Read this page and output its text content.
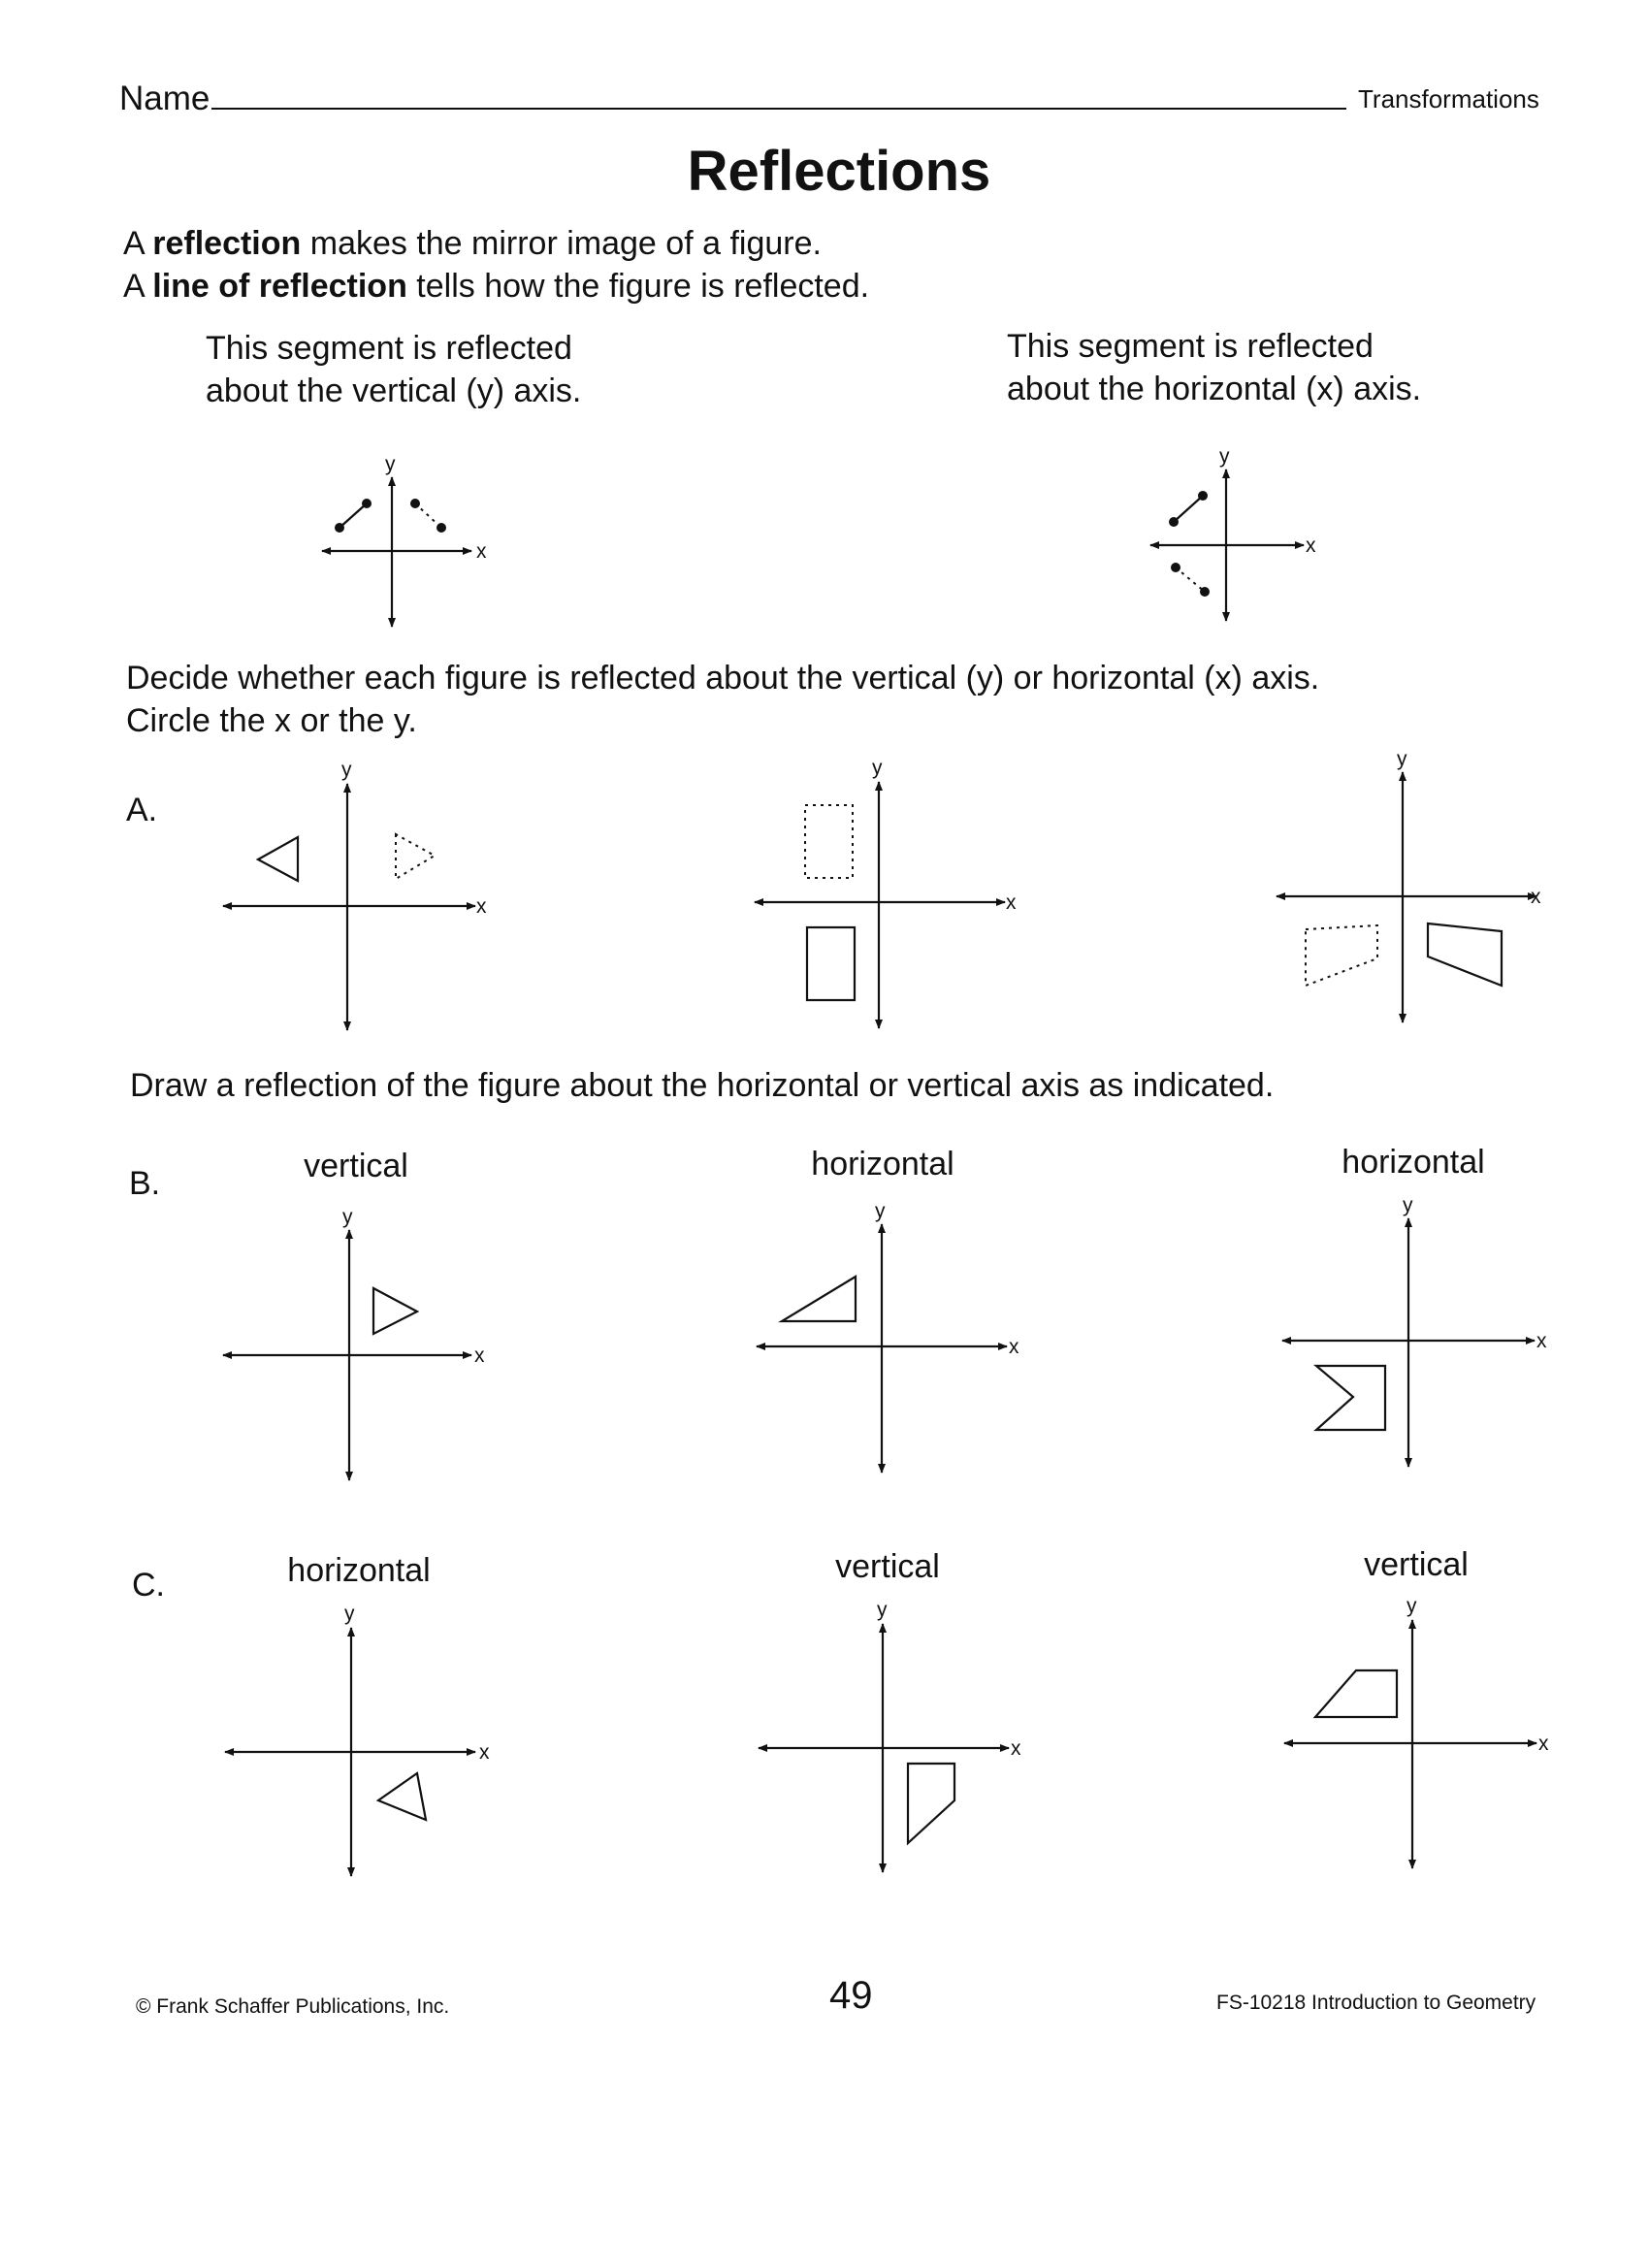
Name	Transformations
Reflections
A reflection makes the mirror image of a figure.
A line of reflection tells how the figure is reflected.
This segment is reflected
about the vertical (y) axis.
This segment is reflected
about the horizontal (x) axis.
Decide whether each figure is reflected about the vertical (y) or horizontal (x) axis.
Circle the x or the y.
A.
Draw a reflection of the figure about the horizontal or vertical axis as indicated.
B.	vertical	horizontal	horizontal
C.	horizontal	vertical	vertical
© Frank Schaffer Publications, Inc.	49	FS-10218 Introduction to Geometry
x
y
x
y
x
y
x
y
x
y
x
y
x
y
x
y
x
y
x
y
x
y
